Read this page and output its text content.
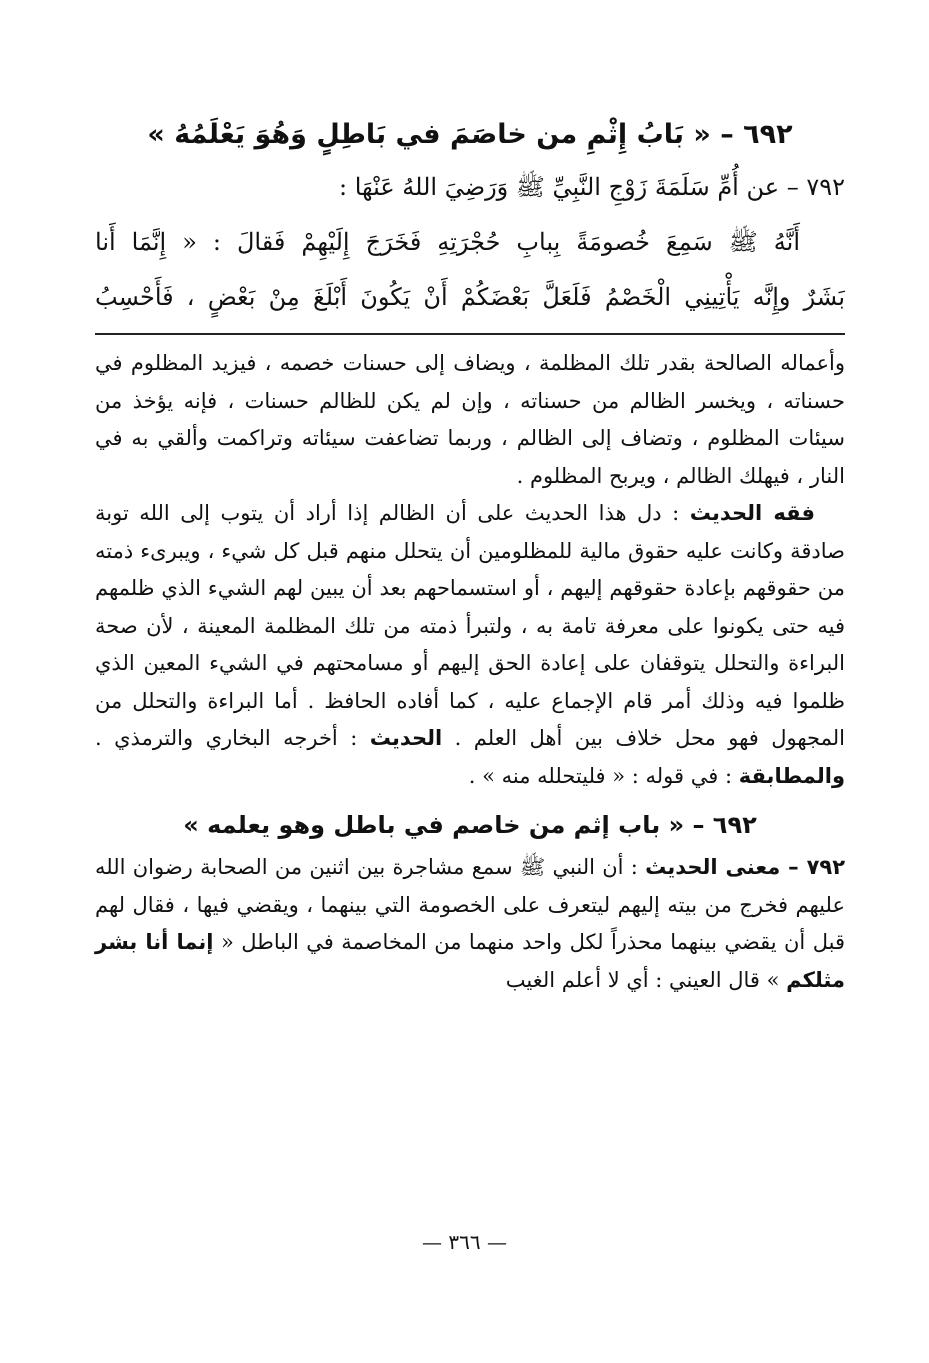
٦٩٢ – « بَابُ إِثْمِ من خاصَمَ في بَاطِلٍ وَهُوَ يَعْلَمُهُ »
٧٩٢ – عن أُمِّ سَلَمَةَ زَوْجِ النَّبِيِّ ﷺ وَرَضِيَ اللهُ عَنْهَا :
أَنَّهُ ﷺ سَمِعَ خُصومَةً بِبابِ حُجْرَتِهِ فَخَرَجَ إِلَيْهِمْ فَقالَ : « إِنَّمَا أَنا
بَشَرٌ وإِنَّه يَأْتِينِي الْخَصْمُ فَلَعَلَّ بَعْضَكُمْ أَنْ يَكُونَ أَبْلَغَ مِنْ بَعْضٍ ، فَأَحْسِبُ
وأعماله الصالحة بقدر تلك المظلمة ، ويضاف إلى حسنات خصمه ، فيزيد المظلوم في حسناته ، ويخسر الظالم من حسناته ، وإن لم يكن للظالم حسنات ، فإنه يؤخذ من سيئات المظلوم ، وتضاف إلى الظالم ، وربما تضاعفت سيئاته وتراكمت وألقي به في النار ، فيهلك الظالم ، ويربح المظلوم .
فقه الحديث : دل هذا الحديث على أن الظالم إذا أراد أن يتوب إلى الله توبة صادقة وكانت عليه حقوق مالية للمظلومين أن يتحلل منهم قبل كل شيء ، ويبرىء ذمته من حقوقهم بإعادة حقوقهم إليهم ، أو استسماحهم بعد أن يبين لهم الشيء الذي ظلمهم فيه حتى يكونوا على معرفة تامة به ، ولتبرأ ذمته من تلك المظلمة المعينة ، لأن صحة البراءة والتحلل يتوقفان على إعادة الحق إليهم أو مسامحتهم في الشيء المعين الذي ظلموا فيه وذلك أمر قام الإجماع عليه ، كما أفاده الحافظ . أما البراءة والتحلل من المجهول فهو محل خلاف بين أهل العلم . الحديث : أخرجه البخاري والترمذي . والمطابقة : في قوله : « فليتحلله منه » .
٦٩٢ – « باب إثم من خاصم في باطل وهو يعلمه »
٧٩٢ – معنى الحديث : أن النبي ﷺ سمع مشاجرة بين اثنين من الصحابة رضوان الله عليهم فخرج من بيته إليهم ليتعرف على الخصومة التي بينهما ، ويقضي فيها ، فقال لهم قبل أن يقضي بينهما محذراً لكل واحد منهما من المخاصمة في الباطل « إنما أنا بشر مثلكم » قال العيني : أي لا أعلم الغيب
— ٣٦٦ —
